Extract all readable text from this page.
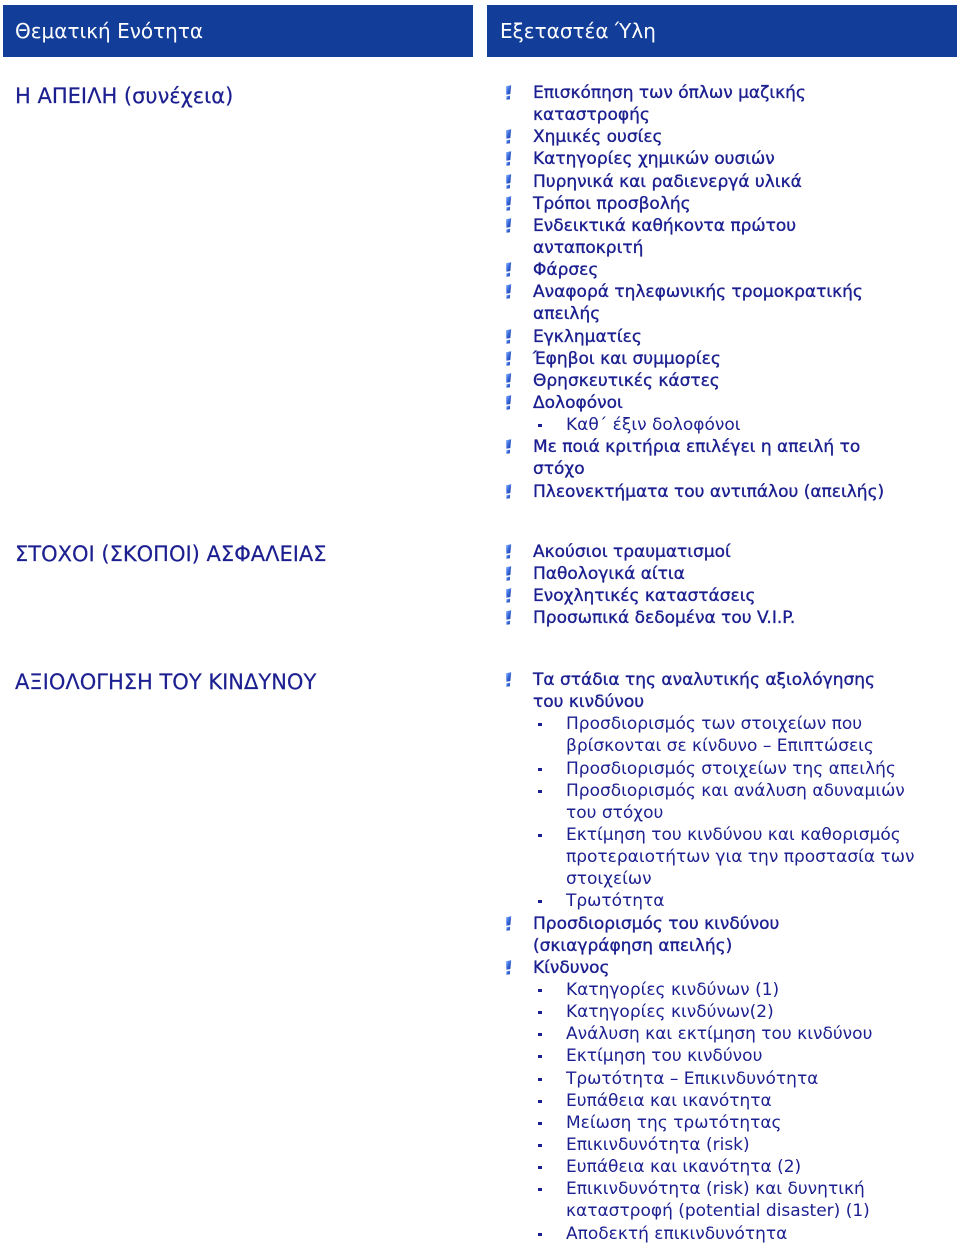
Θεματική Ενότητα	Εξεταστέα Ύλη
Η ΑΠΕΙΛΗ (συνέχεια)	Επισκόπηση των όπλων μαζικής
καταστροφής
Χημικές ουσίες
Κατηγορίες χημικών ουσιών
Πυρηνικά και ραδιενεργά υλικά
Τρόποι προσβολής
Ενδεικτικά καθήκοντα πρώτου
ανταποκριτή
Φάρσες
Αναφορά τηλεφωνικής τρομοκρατικής
απειλής
Εγκληματίες
Έφηβοι και συμμορίες
Θρησκευτικές κάστες
Δολοφόνοι
Καθ΄ έξιν δολοφόνοι
Με ποιά κριτήρια επιλέγει η απειλή το
στόχο
Πλεονεκτήματα του αντιπάλου (απειλής)
ΣΤΟΧΟΙ (ΣΚΟΠΟΙ) ΑΣΦΑΛΕΙΑΣ	Ακούσιοι τραυματισμοί
Παθολογικά αίτια
Ενοχλητικές καταστάσεις
Προσωπικά δεδομένα του V.I.P.
ΑΞΙΟΛΟΓΗΣΗ ΤΟΥ ΚΙΝΔΥΝΟΥ	Τα στάδια της αναλυτικής αξιολόγησης
του κινδύνου
Προσδιορισμός των στοιχείων που
βρίσκονται σε κίνδυνο – Επιπτώσεις
Προσδιορισμός στοιχείων της απειλής
Προσδιορισμός και ανάλυση αδυναμιών
του στόχου
Εκτίμηση του κινδύνου και καθορισμός
προτεραιοτήτων για την προστασία των
στοιχείων
Τρωτότητα
Προσδιορισμός του κινδύνου
(σκιαγράφηση απειλής)
Κίνδυνος
Κατηγορίες κινδύνων (1)
Κατηγορίες κινδύνων(2)
Ανάλυση και εκτίμηση του κινδύνου
Εκτίμηση του κινδύνου
Τρωτότητα – Επικινδυνότητα
Ευπάθεια και ικανότητα
Μείωση της τρωτότητας
Επικινδυνότητα (risk)
Ευπάθεια και ικανότητα (2)
Επικινδυνότητα (risk) και δυνητική
καταστροφή (potential disaster) (1)
Αποδεκτή επικινδυνότητα
